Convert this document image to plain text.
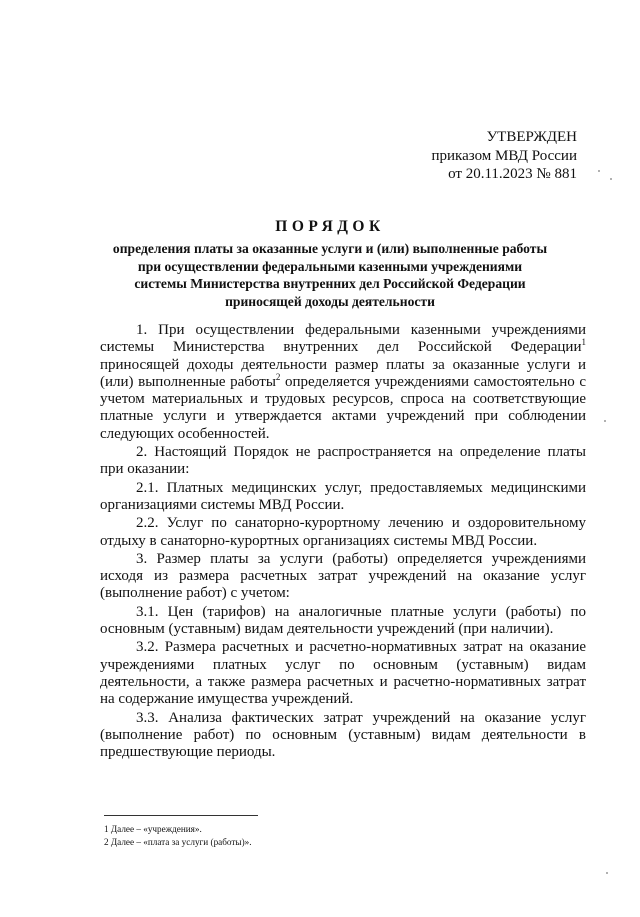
УТВЕРЖДЕН
приказом МВД России
от 20.11.2023 № 881
ПОРЯДОК
определения платы за оказанные услуги и (или) выполненные работы
при осуществлении федеральными казенными учреждениями
системы Министерства внутренних дел Российской Федерации
приносящей доходы деятельности

1. При осуществлении федеральными казенными учреждениями системы Министерства внутренних дел Российской Федерации$^1$ приносящей доходы деятельности размер платы за оказанные услуги и (или) выполненные работы$^2$ определяется учреждениями самостоятельно с учетом материальных и трудовых ресурсов, спроса на соответствующие платные услуги и утверждается актами учреждений при соблюдении следующих особенностей.

2. Настоящий Порядок не распространяется на определение платы при оказании:

2.1. Платных медицинских услуг, предоставляемых медицинскими организациями системы МВД России.

2.2. Услуг по санаторно-курортному лечению и оздоровительному отдыху в санаторно-курортных организациях системы МВД России.

3. Размер платы за услуги (работы) определяется учреждениями исходя из размера расчетных затрат учреждений на оказание услуг (выполнение работ) с учетом:

3.1. Цен (тарифов) на аналогичные платные услуги (работы) по основным (уставным) видам деятельности учреждений (при наличии).

3.2. Размера расчетных и расчетно-нормативных затрат на оказание учреждениями платных услуг по основным (уставным) видам деятельности, а также размера расчетных и расчетно-нормативных затрат на содержание имущества учреждений.

3.3. Анализа фактических затрат учреждений на оказание услуг (выполнение работ) по основным (уставным) видам деятельности в предшествующие периоды.

1 Далее – «учреждения».
2 Далее – «плата за услуги (работы)».
